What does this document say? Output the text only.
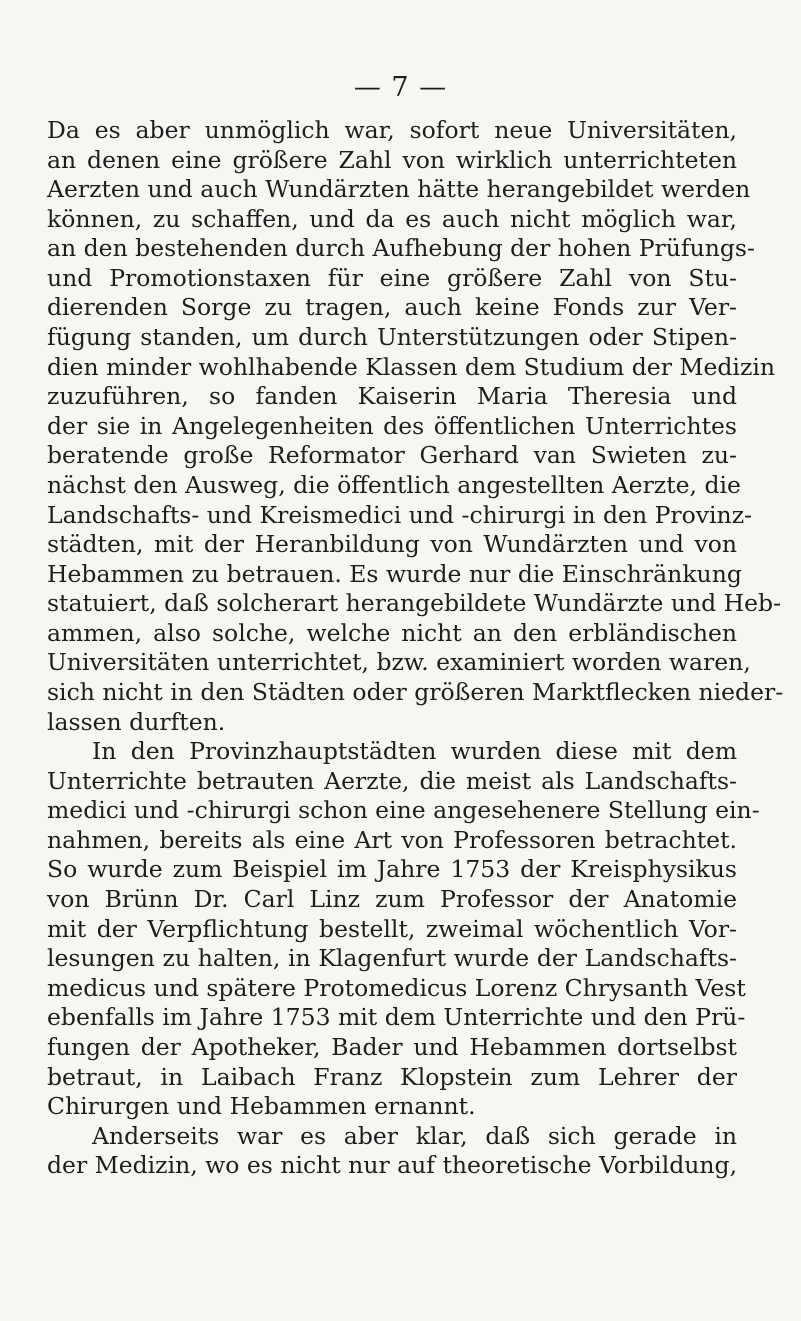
— 7 —
Da es aber unmöglich war, sofort neue Universitäten,
an denen eine größere Zahl von wirklich unterrichteten
Aerzten und auch Wundärzten hätte herangebildet werden
können, zu schaffen, und da es auch nicht möglich war,
an den bestehenden durch Aufhebung der hohen Prüfungs-
und Promotionstaxen für eine größere Zahl von Stu-
dierenden Sorge zu tragen, auch keine Fonds zur Ver-
fügung standen, um durch Unterstützungen oder Stipen-
dien minder wohlhabende Klassen dem Studium der Medizin
zuzuführen, so fanden Kaiserin Maria Theresia und
der sie in Angelegenheiten des öffentlichen Unterrichtes
beratende große Reformator Gerhard van Swieten zu-
nächst den Ausweg, die öffentlich angestellten Aerzte, die
Landschafts- und Kreismedici und -chirurgi in den Provinz-
städten, mit der Heranbildung von Wundärzten und von
Hebammen zu betrauen. Es wurde nur die Einschränkung
statuiert, daß solcherart herangebildete Wundärzte und Heb-
ammen, also solche, welche nicht an den erbländischen
Universitäten unterrichtet, bzw. examiniert worden waren,
sich nicht in den Städten oder größeren Marktflecken nieder-
lassen durften.
In den Provinzhauptstädten wurden diese mit dem
Unterrichte betrauten Aerzte, die meist als Landschafts-
medici und -chirurgi schon eine angesehenere Stellung ein-
nahmen, bereits als eine Art von Professoren betrachtet.
So wurde zum Beispiel im Jahre 1753 der Kreisphysikus
von Brünn Dr. Carl Linz zum Professor der Anatomie
mit der Verpflichtung bestellt, zweimal wöchentlich Vor-
lesungen zu halten, in Klagenfurt wurde der Landschafts-
medicus und spätere Protomedicus Lorenz Chrysanth Vest
ebenfalls im Jahre 1753 mit dem Unterrichte und den Prü-
fungen der Apotheker, Bader und Hebammen dortselbst
betraut, in Laibach Franz Klopstein zum Lehrer der
Chirurgen und Hebammen ernannt.
Anderseits war es aber klar, daß sich gerade in
der Medizin, wo es nicht nur auf theoretische Vorbildung,
